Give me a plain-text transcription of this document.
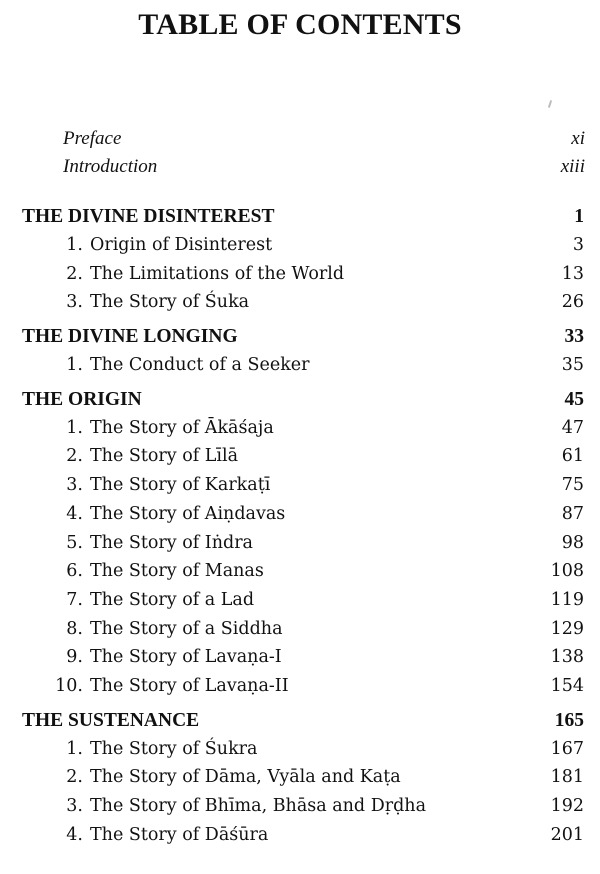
TABLE OF CONTENTS
Preface	xi
Introduction	xiii
THE DIVINE DISINTEREST	1
1. Origin of Disinterest	3
2. The Limitations of the World	13
3. The Story of Śuka	26
THE DIVINE LONGING	33
1. The Conduct of a Seeker	35
THE ORIGIN	45
1. The Story of Ākāśaja	47
2. The Story of Līlā	61
3. The Story of Karkaṭī	75
4. The Story of Aiṇdavas	87
5. The Story of Iṅdra	98
6. The Story of Manas	108
7. The Story of a Lad	119
8. The Story of a Siddha	129
9. The Story of Lavaṇa-I	138
10. The Story of Lavaṇa-II	154
THE SUSTENANCE	165
1. The Story of Śukra	167
2. The Story of Dāma, Vyāla and Kaṭa	181
3. The Story of Bhīma, Bhāsa and Dṛḍha	192
4. The Story of Dāśūra	201
